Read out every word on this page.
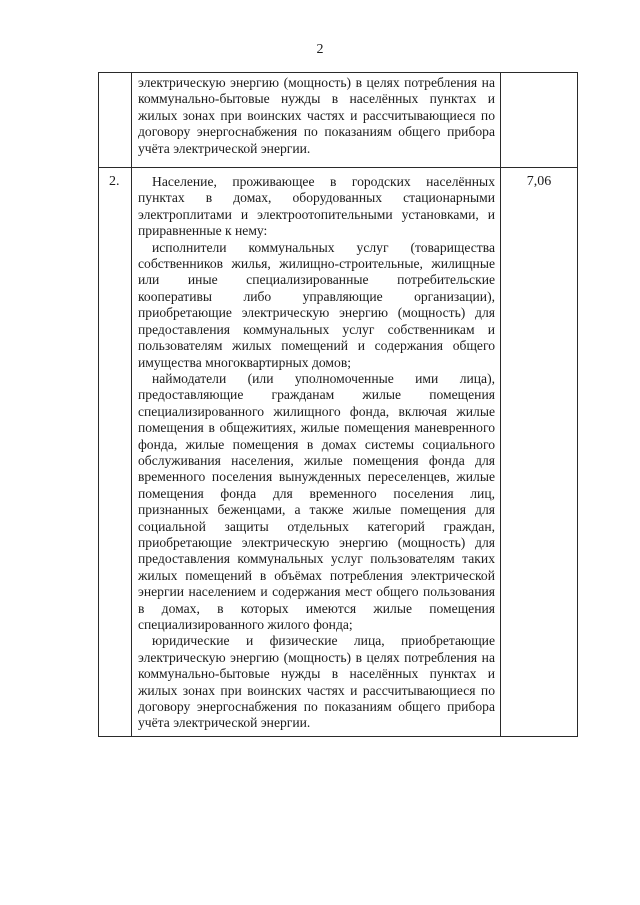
2

	электрическую энергию (мощность) в целях потребления на коммунально-бытовые нужды в населённых пунктах и жилых зонах при воинских частях и рассчитывающиеся по договору энергоснабжения по показаниям общего прибора учёта электрической энергии.	

2.	Население, проживающее в городских населённых пунктах в домах, оборудованных стационарными электроплитами и электроотопительными установками, и приравненные к нему:

исполнители коммунальных услуг (товарищества собственников жилья, жилищно-строительные, жилищные или иные специализированные потребительские кооперативы либо управляющие организации), приобретающие электрическую энергию (мощность) для предоставления коммунальных услуг собственникам и пользователям жилых помещений и содержания общего имущества многоквартирных домов;

наймодатели (или уполномоченные ими лица), предоставляющие гражданам жилые помещения специализированного жилищного фонда, включая жилые помещения в общежитиях, жилые помещения маневренного фонда, жилые помещения в домах системы социального обслуживания населения, жилые помещения фонда для временного поселения вынужденных переселенцев, жилые помещения фонда для временного поселения лиц, признанных беженцами, а также жилые помещения для социальной защиты отдельных категорий граждан, приобретающие электрическую энергию (мощность) для предоставления коммунальных услуг пользователям таких жилых помещений в объёмах потребления электрической энергии населением и содержания мест общего пользования в домах, в которых имеются жилые помещения специализированного жилого фонда;

юридические и физические лица, приобретающие электрическую энергию (мощность) в целях потребления на коммунально-бытовые нужды в населённых пунктах и жилых зонах при воинских частях и рассчитывающиеся по договору энергоснабжения по показаниям общего прибора учёта электрической энергии.	7,06
